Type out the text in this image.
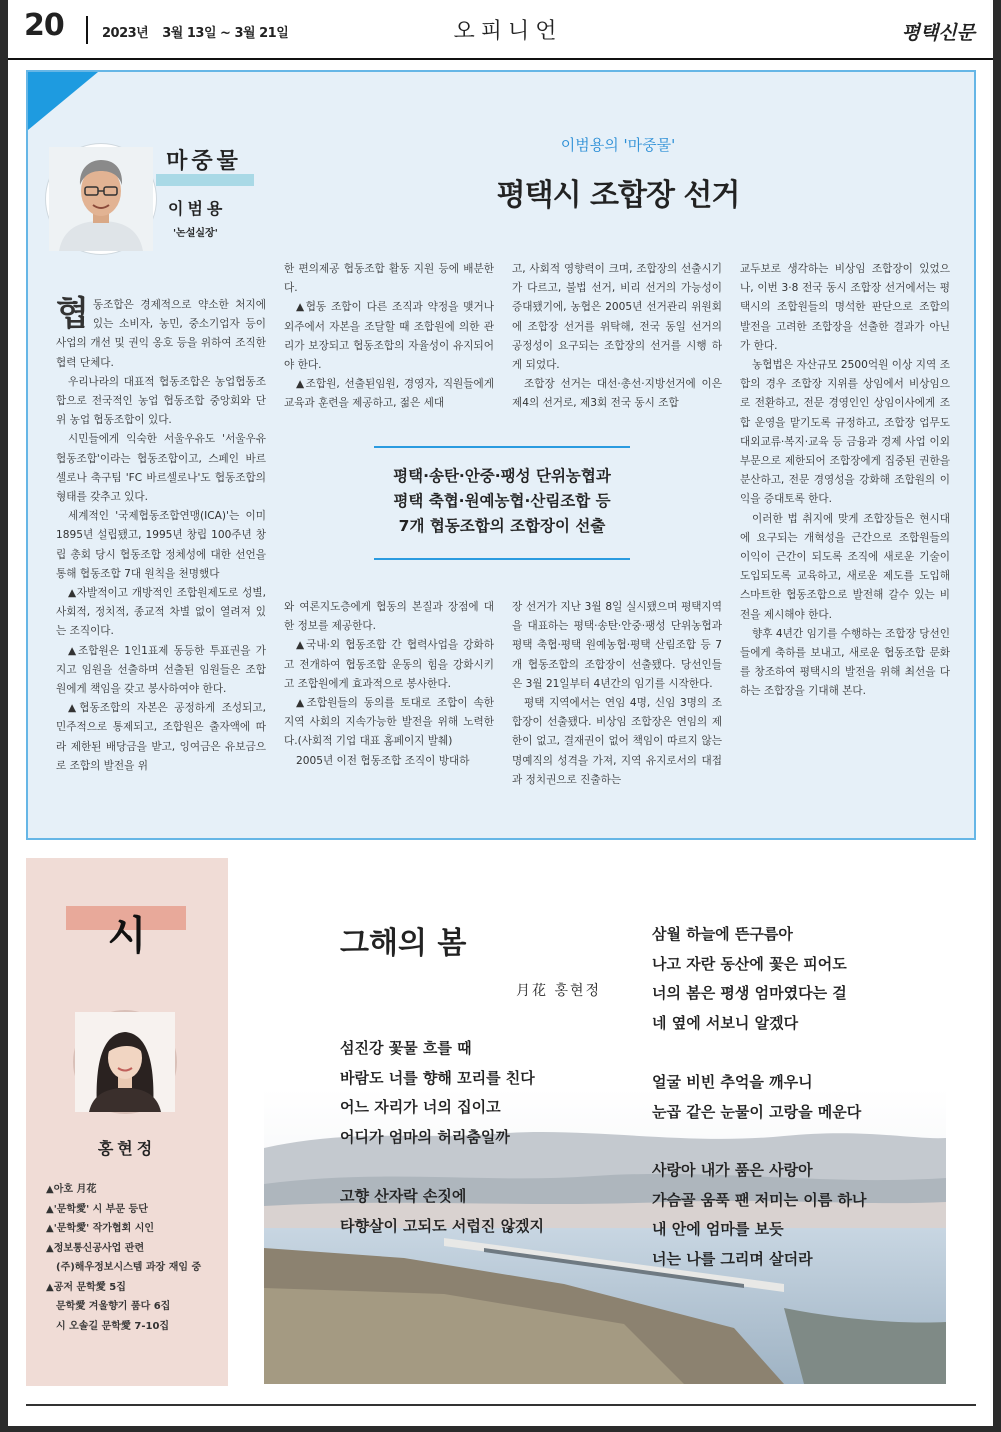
20	2023년 3월 13일 ~ 3월 21일	오피니언	평택신문
마중물
이범용
'논설실장'
이범용의 '마중물'
평택시 조합장 선거

협동조합은 경제적으로 약소한 처지에 있는 소비자, 농민, 중소기업자 등이 사업의 개선 및 권익 옹호 등을 위하여 조직한 협력 단체다.

우리나라의 대표적 협동조합은 농업협동조합으로 전국적인 농업 협동조합 중앙회와 단위 농업 협동조합이 있다.

시민들에게 익숙한 서울우유도 '서울우유 협동조합'이라는 협동조합이고, 스페인 바르셀로나 축구팀 'FC 바르셀로나'도 협동조합의 형태를 갖추고 있다.

세계적인 '국제협동조합연맹(ICA)'는 이미 1895년 설립됐고, 1995년 창립 100주년 창립 총회 당시 협동조합 정체성에 대한 선언을 통해 협동조합 7대 원칙을 천명했다

▲자발적이고 개방적인 조합원제도로 성별, 사회적, 정치적, 종교적 차별 없이 열려져 있는 조직이다.

▲조합원은 1인1표제 동등한 투표권을 가지고 임원을 선출하며 선출된 임원들은 조합원에게 책임을 갖고 봉사하여야 한다.

▲협동조합의 자본은 공정하게 조성되고, 민주적으로 통제되고, 조합원은 출자액에 따라 제한된 배당금을 받고, 잉여금은 유보금으로 조합의 발전을 위

한 편의제공 협동조합 활동 지원 등에 배분한다.

▲협동 조합이 다른 조직과 약정을 맺거나 외주에서 자본을 조달할 때 조합원에 의한 관리가 보장되고 협동조합의 자율성이 유지되어야 한다.

▲조합원, 선출된임원, 경영자, 직원들에게 교육과 훈련을 제공하고, 젊은 세대

고, 사회적 영향력이 크며, 조합장의 선출시기가 다르고, 불법 선거, 비리 선거의 가능성이 증대됐기에, 농협은 2005년 선거관리 위원회에 조합장 선거를 위탁해, 전국 동일 선거의 공정성이 요구되는 조합장의 선거를 시행 하게 되었다.

조합장 선거는 대선·총선·지방선거에 이은 제4의 선거로, 제3회 전국 동시 조합

평택·송탄·안중·팽성 단위농협과
평택 축협·원예농협·산림조합 등
7개 협동조합의 조합장이 선출

와 여론지도층에게 협동의 본질과 장점에 대한 정보를 제공한다.

▲국내·외 협동조합 간 협력사업을 강화하고 전개하여 협동조합 운동의 힘을 강화시키고 조합원에게 효과적으로 봉사한다.

▲조합원들의 동의를 토대로 조합이 속한 지역 사회의 지속가능한 발전을 위해 노력한다.(사회적 기업 대표 홈페이지 발췌)

2005년 이전 협동조합 조직이 방대하

장 선거가 지난 3월 8일 실시됐으며 평택지역을 대표하는 평택·송탄·안중·팽성 단위농협과 평택 축협·평택 원예농협·평택 산림조합 등 7개 협동조합의 조합장이 선출됐다. 당선인들은 3월 21일부터 4년간의 임기를 시작한다.

평택 지역에서는 연임 4명, 신임 3명의 조합장이 선출됐다. 비상임 조합장은 연임의 제한이 없고, 결재권이 없어 책임이 따르지 않는 명예직의 성격을 가져, 지역 유지로서의 대접과 정치권으로 진출하는

교두보로 생각하는 비상임 조합장이 있었으나, 이번 3·8 전국 동시 조합장 선거에서는 평택시의 조합원들의 명석한 판단으로 조합의 발전을 고려한 조합장을 선출한 결과가 아닌가 한다.

농협법은 자산규모 2500억원 이상 지역 조합의 경우 조합장 지위를 상임에서 비상임으로 전환하고, 전문 경영인인 상임이사에게 조합 운영을 맡기도록 규정하고, 조합장 업무도 대외교류·복지·교육 등 금융과 경제 사업 이외 부문으로 제한되어 조합장에게 집중된 권한을 분산하고, 전문 경영성을 강화해 조합원의 이익을 증대토록 한다.

이러한 법 취지에 맞게 조합장들은 현시대에 요구되는 개혁성을 근간으로 조합원들의 이익이 근간이 되도록 조직에 새로운 기술이 도입되도록 교육하고, 새로운 제도를 도입해 스마트한 협동조합으로 발전해 갈수 있는 비전을 제시해야 한다.

향후 4년간 임기를 수행하는 조합장 당선인들에게 축하를 보내고, 새로운 협동조합 문화를 창조하여 평택시의 발전을 위해 최선을 다하는 조합장을 기대해 본다.

시
홍현정
▲아호 月花
▲'문학愛' 시 부문 등단
▲'문학愛' 작가협회 시인
▲정보통신공사업 관련
(주)해우정보시스템 과장 재임 중
▲공저 문학愛 5집
문학愛 겨울향기 품다 6집
시 오솔길 문학愛 7-10집
그해의 봄
月花 홍현정
섬진강 꽃물 흐를 때
바람도 너를 향해 꼬리를 친다
어느 자리가 너의 집이고
어디가 엄마의 허리춤일까
고향 산자락 손짓에
타향살이 고되도 서럽진 않겠지
삼월 하늘에 뜬구름아
나고 자란 동산에 꽃은 피어도
너의 봄은 평생 엄마였다는 걸
네 옆에 서보니 알겠다
얼굴 비빈 추억을 깨우니
눈곱 같은 눈물이 고랑을 메운다
사랑아 내가 품은 사랑아
가슴골 움푹 팬 저미는 이름 하나
내 안에 엄마를 보듯
너는 나를 그리며 살더라
